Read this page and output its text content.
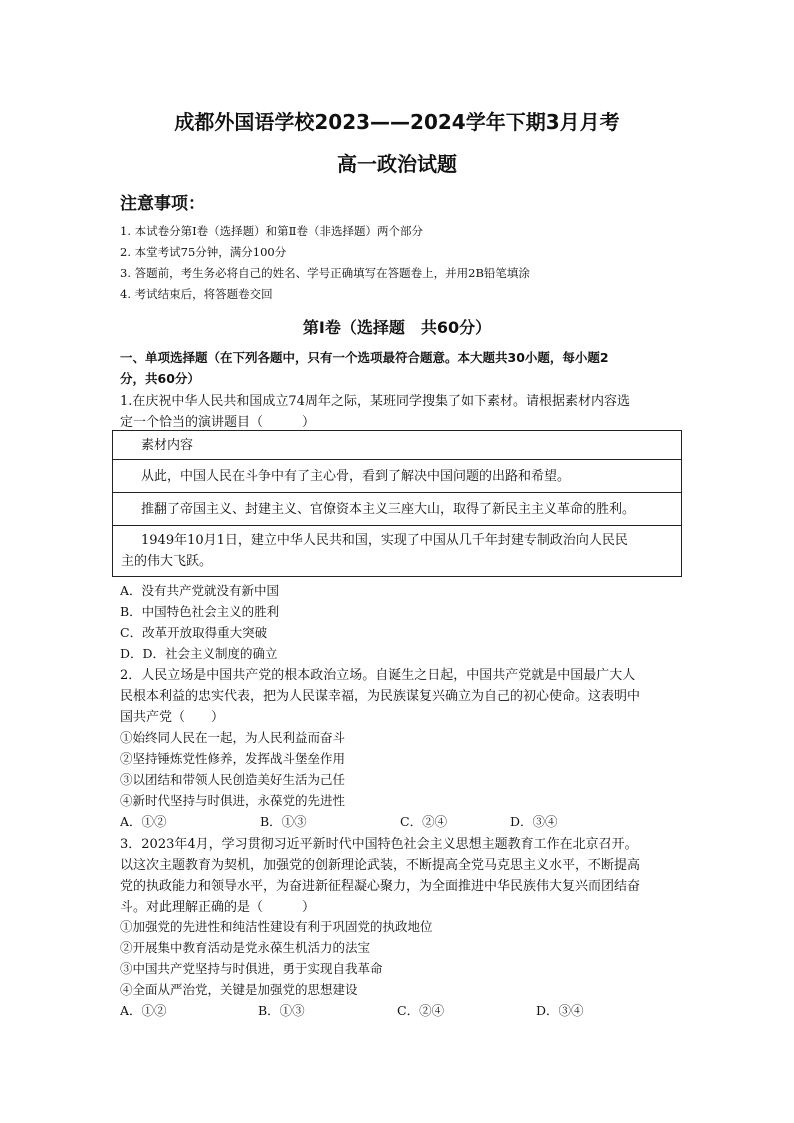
成都外国语学校2023——2024学年下期3月月考
高一政治试题
注意事项：
1. 本试卷分第Ⅰ卷（选择题）和第Ⅱ卷（非选择题）两个部分
2. 本堂考试75分钟，满分100分
3. 答题前，考生务必将自己的姓名、学号正确填写在答题卷上，并用2B铅笔填涂
4. 考试结束后，将答题卷交回
第Ⅰ卷（选择题　共60分）
一、单项选择题（在下列各题中，只有一个选项最符合题意。本大题共30小题，每小题2
分，共60分）
1.在庆祝中华人民共和国成立74周年之际，某班同学搜集了如下素材。请根据素材内容选
定一个恰当的演讲题目（　　　）
素材内容
从此，中国人民在斗争中有了主心骨，看到了解决中国问题的出路和希望。
推翻了帝国主义、封建主义、官僚资本主义三座大山，取得了新民主主义革命的胜利。

1949年10月1日，建立中华人民共和国，实现了中国从几千年封建专制政治向人民民
主的伟大飞跃。
A．没有共产党就没有新中国
B．中国特色社会主义的胜利
C．改革开放取得重大突破
D．D．社会主义制度的确立
2．人民立场是中国共产党的根本政治立场。自诞生之日起，中国共产党就是中国最广大人
民根本利益的忠实代表，把为人民谋幸福，为民族谋复兴确立为自己的初心使命。这表明中
国共产党（　　）
①始终同人民在一起，为人民利益而奋斗
②坚持锤炼党性修养，发挥战斗堡垒作用
③以团结和带领人民创造美好生活为己任
④新时代坚持与时俱进，永葆党的先进性
A．①②	B．①③	C．②④	D．③④
3．2023年4月，学习贯彻习近平新时代中国特色社会主义思想主题教育工作在北京召开。
以这次主题教育为契机，加强党的创新理论武装，不断提高全党马克思主义水平，不断提高
党的执政能力和领导水平，为奋进新征程凝心聚力，为全面推进中华民族伟大复兴而团结奋
斗。对此理解正确的是（　　　）
①加强党的先进性和纯洁性建设有利于巩固党的执政地位
②开展集中教育活动是党永葆生机活力的法宝
③中国共产党坚持与时俱进，勇于实现自我革命
④全面从严治党，关键是加强党的思想建设
A．①②	B．①③	C．②④	D．③④
